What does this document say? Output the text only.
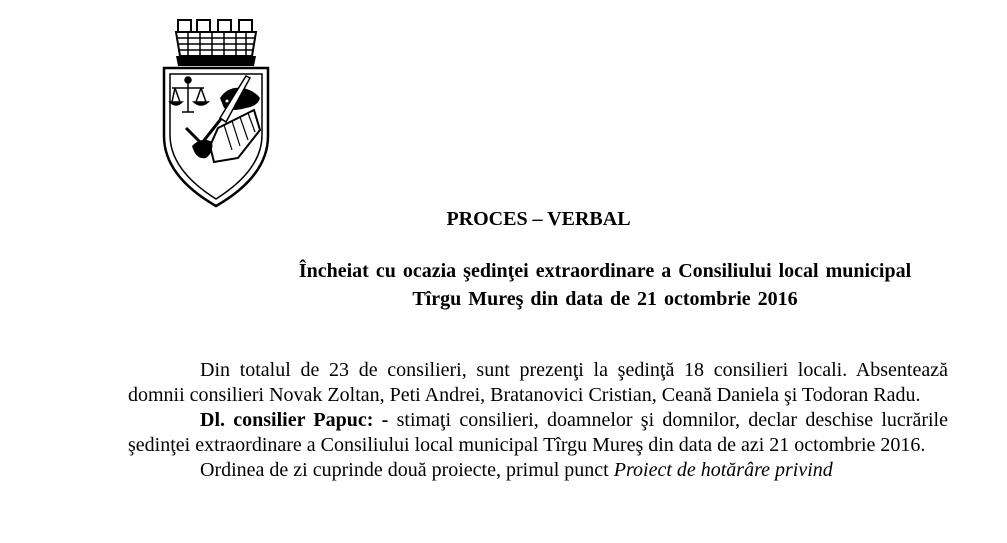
PROCES – VERBAL
Încheiat cu ocazia şedinţei extraordinare a Consiliului local municipal
Tîrgu Mureş din data de 21 octombrie 2016

Din totalul de 23 de consilieri, sunt prezenţi la şedinţă 18 consilieri locali. Absentează domnii consilieri Novak Zoltan, Peti Andrei, Bratanovici Cristian, Ceană Daniela şi Todoran Radu.

Dl. consilier Papuc: - stimaţi consilieri, doamnelor şi domnilor, declar deschise lucrările şedinţei extraordinare a Consiliului local municipal Tîrgu Mureş din data de azi 21 octombrie 2016.

Ordinea de zi cuprinde două proiecte, primul punct Proiect de hotărâre privind
